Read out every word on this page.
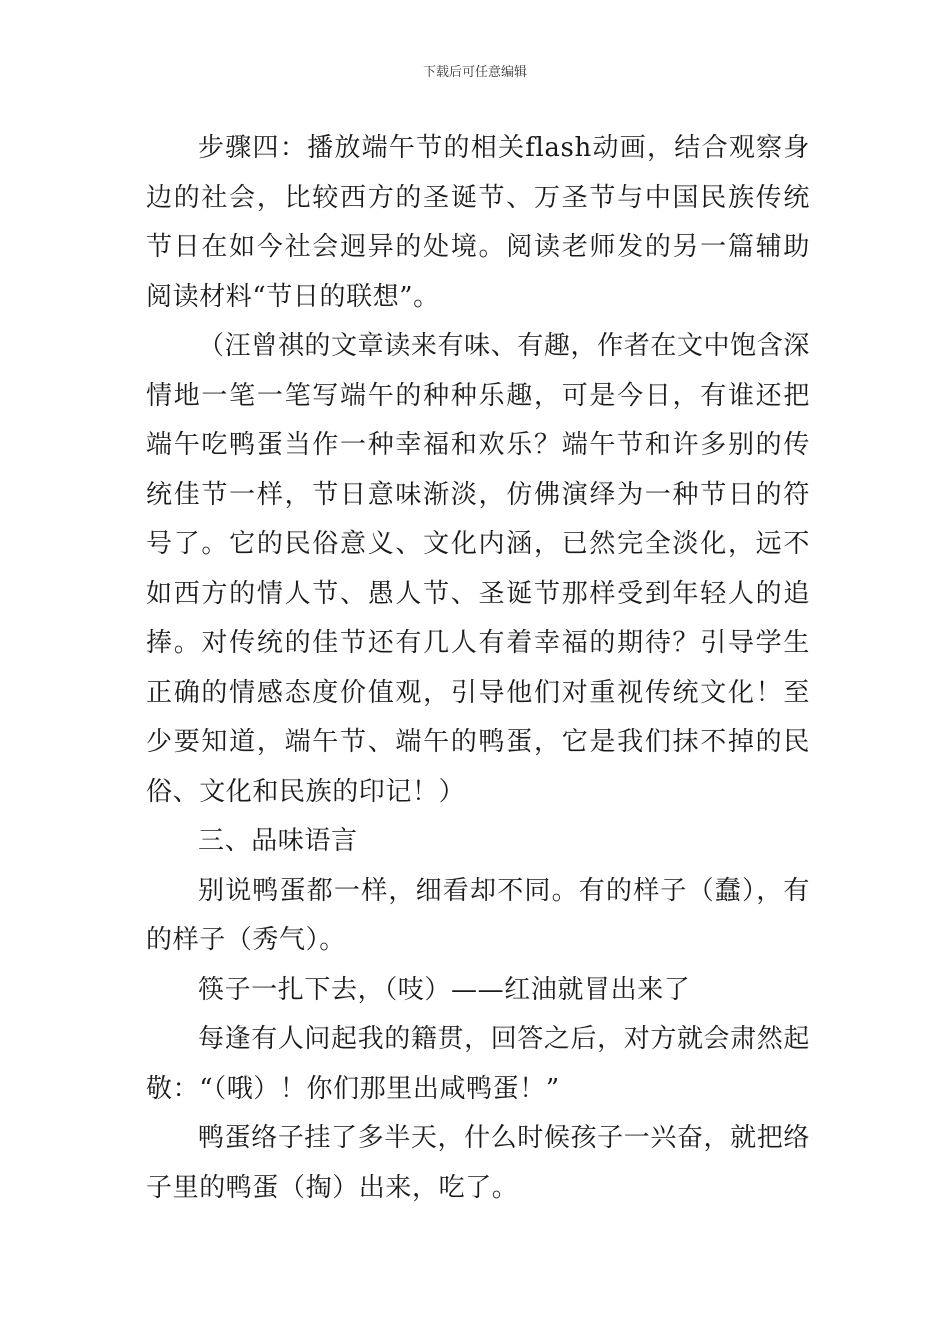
下载后可任意编辑

步骤四：播放端午节的相关flash动画，结合观察身边的社会，比较西方的圣诞节、万圣节与中国民族传统节日在如今社会迥异的处境。阅读老师发的另一篇辅助阅读材料“节日的联想”。

（汪曾祺的文章读来有味、有趣，作者在文中饱含深情地一笔一笔写端午的种种乐趣，可是今日，有谁还把端午吃鸭蛋当作一种幸福和欢乐？端午节和许多别的传统佳节一样，节日意味渐淡，仿佛演绎为一种节日的符号了。它的民俗意义、文化内涵，已然完全淡化，远不如西方的情人节、愚人节、圣诞节那样受到年轻人的追捧。对传统的佳节还有几人有着幸福的期待？引导学生正确的情感态度价值观，引导他们对重视传统文化！至少要知道，端午节、端午的鸭蛋，它是我们抹不掉的民俗、文化和民族的印记！）

三、品味语言

别说鸭蛋都一样，细看却不同。有的样子（蠢），有的样子（秀气）。

筷子一扎下去，（吱）——红油就冒出来了

每逢有人问起我的籍贯，回答之后，对方就会肃然起敬：“（哦）！你们那里出咸鸭蛋！”

鸭蛋络子挂了多半天，什么时候孩子一兴奋，就把络子里的鸭蛋（掏）出来，吃了。
